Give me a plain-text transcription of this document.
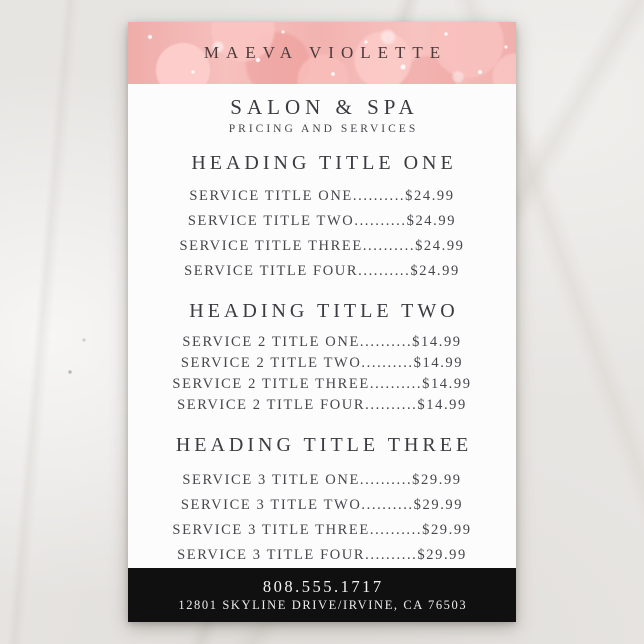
MAEVA VIOLETTE
SALON & SPA
PRICING AND SERVICES
HEADING TITLE ONE
SERVICE TITLE ONE..........$24.99
SERVICE TITLE TWO..........$24.99
SERVICE TITLE THREE..........$24.99
SERVICE TITLE FOUR..........$24.99
HEADING TITLE TWO
SERVICE 2 TITLE ONE..........$14.99
SERVICE 2 TITLE TWO..........$14.99
SERVICE 2 TITLE THREE..........$14.99
SERVICE 2 TITLE FOUR..........$14.99
HEADING TITLE THREE
SERVICE 3 TITLE ONE..........$29.99
SERVICE 3 TITLE TWO..........$29.99
SERVICE 3 TITLE THREE..........$29.99
SERVICE 3 TITLE FOUR..........$29.99
808.555.1717
12801 SKYLINE DRIVE/IRVINE, CA 76503
